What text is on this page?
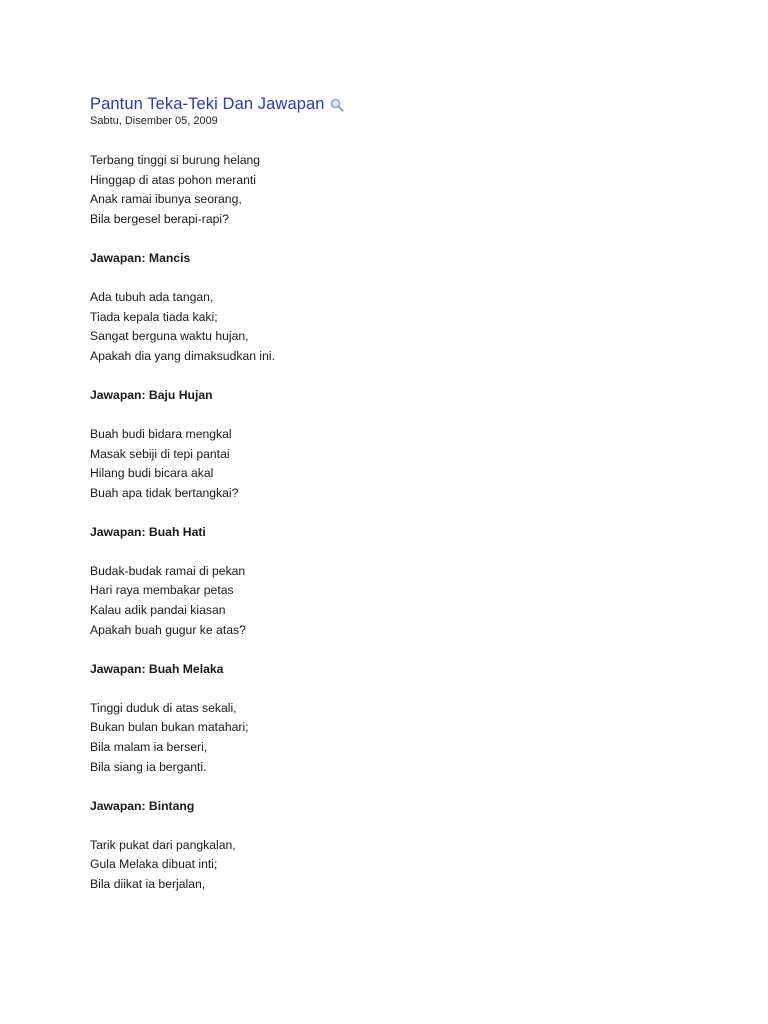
Pantun Teka-Teki Dan Jawapan
Sabtu, Disember 05, 2009
Terbang tinggi si burung helang
Hinggap di atas pohon meranti
Anak ramai ibunya seorang,
Bila bergesel berapi-rapi?
Jawapan: Mancis
Ada tubuh ada tangan,
Tiada kepala tiada kaki;
Sangat berguna waktu hujan,
Apakah dia yang dimaksudkan ini.
Jawapan: Baju Hujan
Buah budi bidara mengkal
Masak sebiji di tepi pantai
Hilang budi bicara akal
Buah apa tidak bertangkai?
Jawapan: Buah Hati
Budak-budak ramai di pekan
Hari raya membakar petas
Kalau adik pandai kiasan
Apakah buah gugur ke atas?
Jawapan: Buah Melaka
Tinggi duduk di atas sekali,
Bukan bulan bukan matahari;
Bila malam ia berseri,
Bila siang ia berganti.
Jawapan: Bintang
Tarik pukat dari pangkalan,
Gula Melaka dibuat inti;
Bila diikat ia berjalan,
